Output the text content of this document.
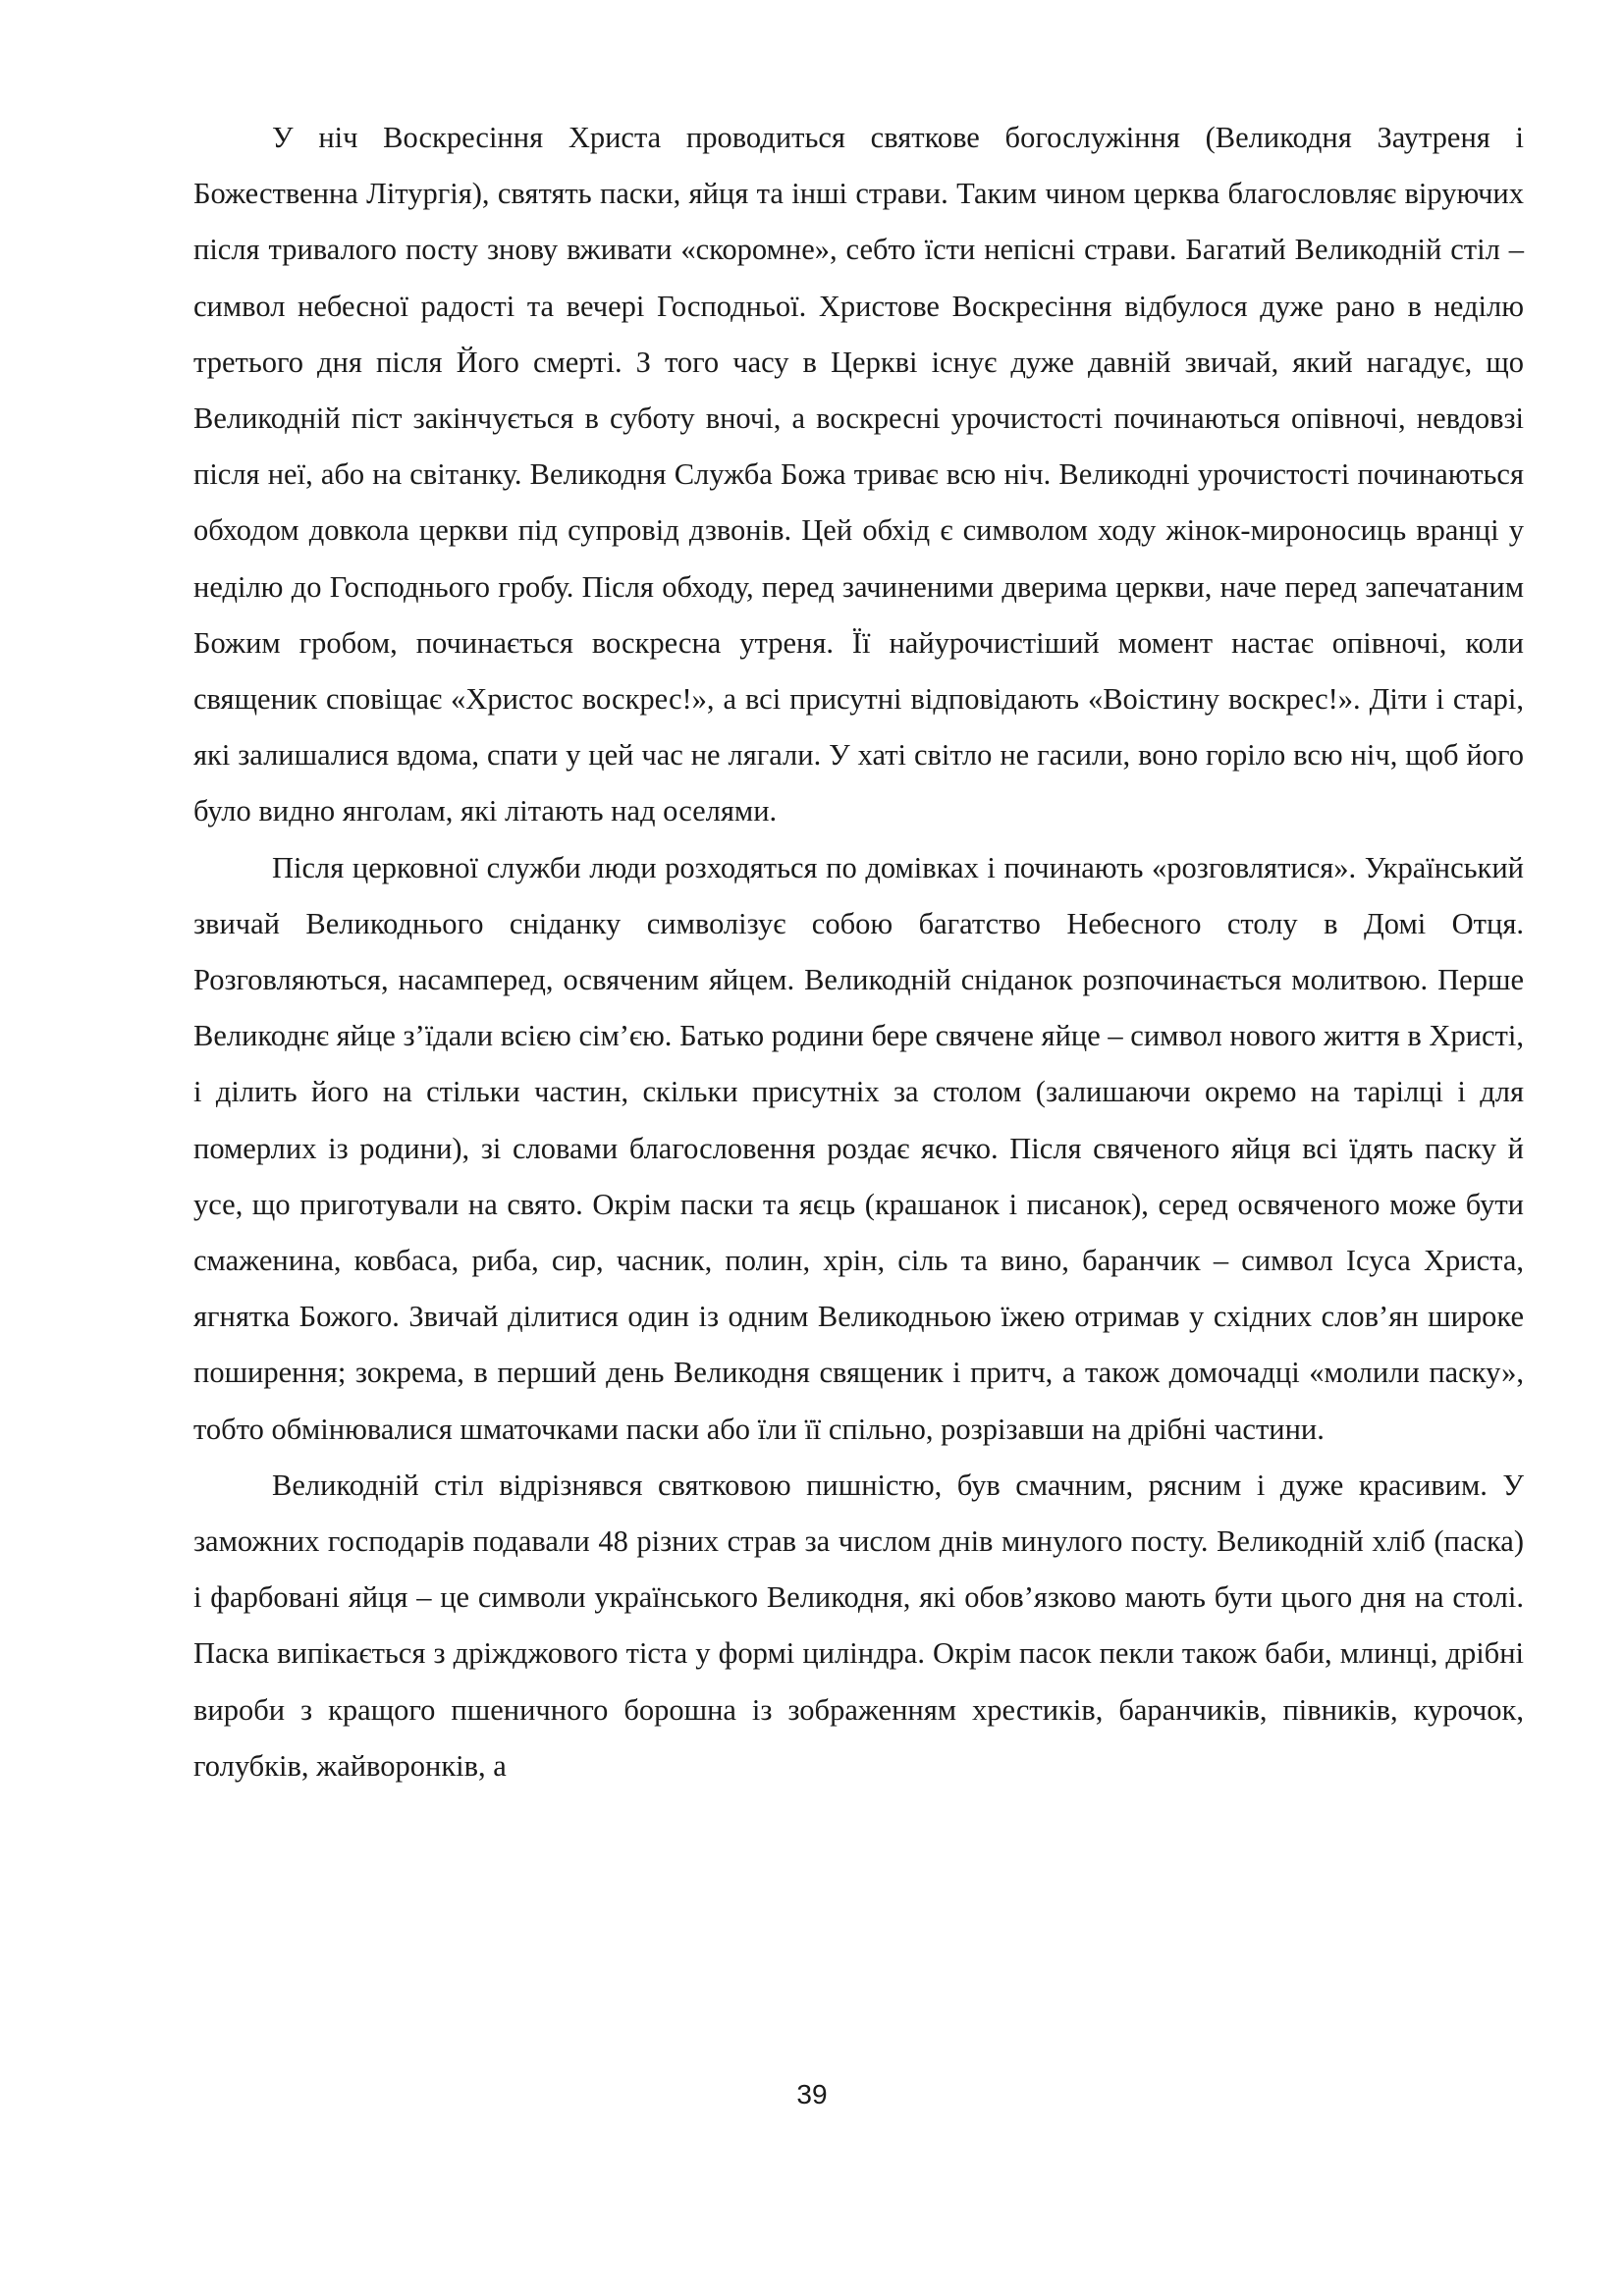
У ніч Воскресіння Христа проводиться святкове богослужіння (Великодня Заутреня і Божественна Літургія), святять паски, яйця та інші страви. Таким чином церква благословляє віруючих після тривалого посту знову вживати «скоромне», себто їсти непісні страви. Багатий Великодній стіл – символ небесної радості та вечері Господньої. Христове Воскресіння відбулося дуже рано в неділю третього дня після Його смерті. З того часу в Церкві існує дуже давній звичай, який нагадує, що Великодній піст закінчується в суботу вночі, а воскресні урочистості починаються опівночі, невдовзі після неї, або на світанку. Великодня Служба Божа триває всю ніч. Великодні урочистості починаються обходом довкола церкви під супровід дзвонів. Цей обхід є символом ходу жінок-мироносиць вранці у неділю до Господнього гробу. Після обходу, перед зачиненими дверима церкви, наче перед запечатаним Божим гробом, починається воскресна утреня. Її найурочистіший момент настає опівночі, коли священик сповіщає «Христос воскрес!», а всі присутні відповідають «Воістину воскрес!». Діти і старі, які залишалися вдома, спати у цей час не лягали. У хаті світло не гасили, воно горіло всю ніч, щоб його було видно янголам, які літають над оселями.

Після церковної служби люди розходяться по домівках і починають «розговлятися». Український звичай Великоднього сніданку символізує собою багатство Небесного столу в Домі Отця. Розговляються, насамперед, освяченим яйцем. Великодній сніданок розпочинається молитвою. Перше Великоднє яйце з’їдали всією сім’єю. Батько родини бере свячене яйце – символ нового життя в Христі, і ділить його на стільки частин, скільки присутніх за столом (залишаючи окремо на тарілці і для померлих із родини), зі словами благословення роздає яєчко. Після свяченого яйця всі їдять паску й усе, що приготували на свято. Окрім паски та яєць (крашанок і писанок), серед освяченого може бути смаженина, ковбаса, риба, сир, часник, полин, хрін, сіль та вино, баранчик – символ Ісуса Христа, ягнятка Божого. Звичай ділитися один із одним Великодньою їжею отримав у східних слов’ян широке поширення; зокрема, в перший день Великодня священик і притч, а також домочадці «молили паску», тобто обмінювалися шматочками паски або їли її спільно, розрізавши на дрібні частини.

Великодній стіл відрізнявся святковою пишністю, був смачним, рясним і дуже красивим. У заможних господарів подавали 48 різних страв за числом днів минулого посту. Великодній хліб (паска) і фарбовані яйця – це символи українського Великодня, які обов’язково мають бути цього дня на столі. Паска випікається з дріжджового тіста у формі циліндра. Окрім пасок пекли також баби, млинці, дрібні вироби з кращого пшеничного борошна із зображенням хрестиків, баранчиків, півників, курочок, голубків, жайворонків, а

39
